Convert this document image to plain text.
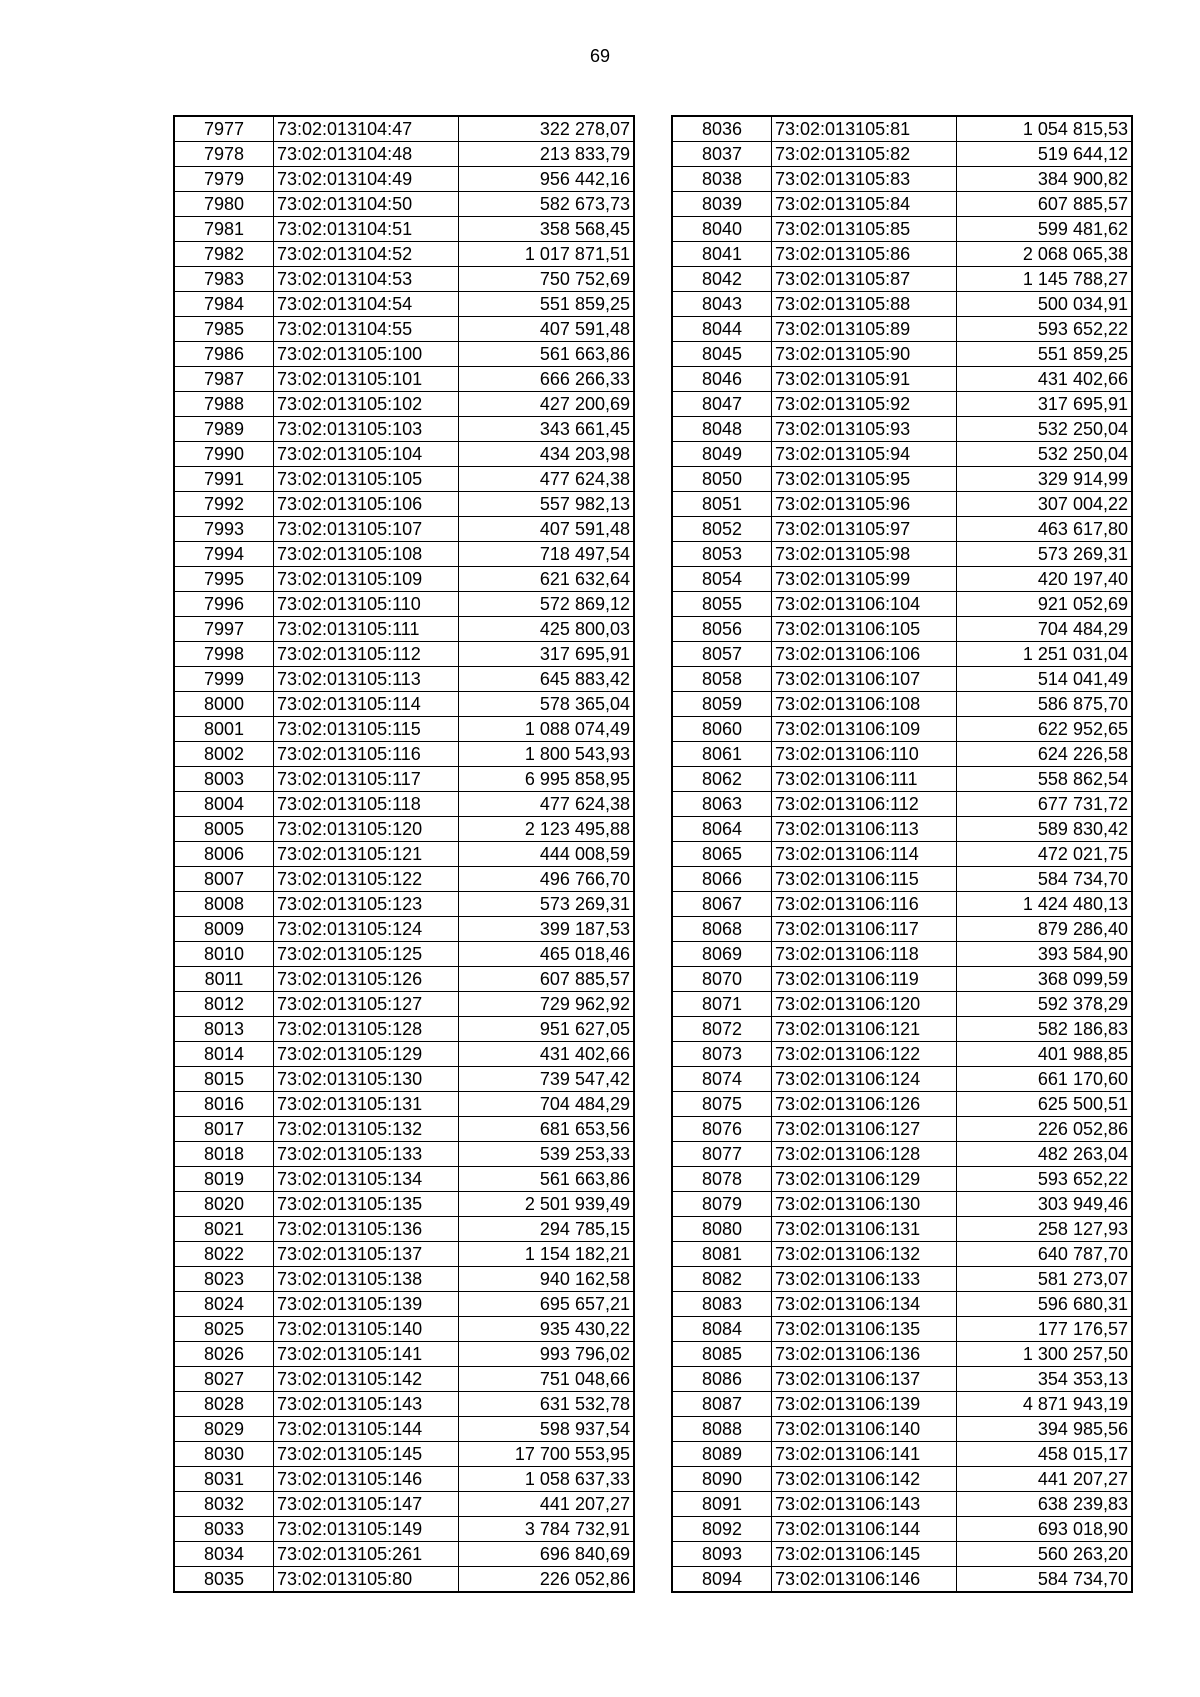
69
7977	73:02:013104:47	322 278,07
7978	73:02:013104:48	213 833,79
7979	73:02:013104:49	956 442,16
7980	73:02:013104:50	582 673,73
7981	73:02:013104:51	358 568,45
7982	73:02:013104:52	1 017 871,51
7983	73:02:013104:53	750 752,69
7984	73:02:013104:54	551 859,25
7985	73:02:013104:55	407 591,48
7986	73:02:013105:100	561 663,86
7987	73:02:013105:101	666 266,33
7988	73:02:013105:102	427 200,69
7989	73:02:013105:103	343 661,45
7990	73:02:013105:104	434 203,98
7991	73:02:013105:105	477 624,38
7992	73:02:013105:106	557 982,13
7993	73:02:013105:107	407 591,48
7994	73:02:013105:108	718 497,54
7995	73:02:013105:109	621 632,64
7996	73:02:013105:110	572 869,12
7997	73:02:013105:111	425 800,03
7998	73:02:013105:112	317 695,91
7999	73:02:013105:113	645 883,42
8000	73:02:013105:114	578 365,04
8001	73:02:013105:115	1 088 074,49
8002	73:02:013105:116	1 800 543,93
8003	73:02:013105:117	6 995 858,95
8004	73:02:013105:118	477 624,38
8005	73:02:013105:120	2 123 495,88
8006	73:02:013105:121	444 008,59
8007	73:02:013105:122	496 766,70
8008	73:02:013105:123	573 269,31
8009	73:02:013105:124	399 187,53
8010	73:02:013105:125	465 018,46
8011	73:02:013105:126	607 885,57
8012	73:02:013105:127	729 962,92
8013	73:02:013105:128	951 627,05
8014	73:02:013105:129	431 402,66
8015	73:02:013105:130	739 547,42
8016	73:02:013105:131	704 484,29
8017	73:02:013105:132	681 653,56
8018	73:02:013105:133	539 253,33
8019	73:02:013105:134	561 663,86
8020	73:02:013105:135	2 501 939,49
8021	73:02:013105:136	294 785,15
8022	73:02:013105:137	1 154 182,21
8023	73:02:013105:138	940 162,58
8024	73:02:013105:139	695 657,21
8025	73:02:013105:140	935 430,22
8026	73:02:013105:141	993 796,02
8027	73:02:013105:142	751 048,66
8028	73:02:013105:143	631 532,78
8029	73:02:013105:144	598 937,54
8030	73:02:013105:145	17 700 553,95
8031	73:02:013105:146	1 058 637,33
8032	73:02:013105:147	441 207,27
8033	73:02:013105:149	3 784 732,91
8034	73:02:013105:261	696 840,69
8035	73:02:013105:80	226 052,86
8036	73:02:013105:81	1 054 815,53
8037	73:02:013105:82	519 644,12
8038	73:02:013105:83	384 900,82
8039	73:02:013105:84	607 885,57
8040	73:02:013105:85	599 481,62
8041	73:02:013105:86	2 068 065,38
8042	73:02:013105:87	1 145 788,27
8043	73:02:013105:88	500 034,91
8044	73:02:013105:89	593 652,22
8045	73:02:013105:90	551 859,25
8046	73:02:013105:91	431 402,66
8047	73:02:013105:92	317 695,91
8048	73:02:013105:93	532 250,04
8049	73:02:013105:94	532 250,04
8050	73:02:013105:95	329 914,99
8051	73:02:013105:96	307 004,22
8052	73:02:013105:97	463 617,80
8053	73:02:013105:98	573 269,31
8054	73:02:013105:99	420 197,40
8055	73:02:013106:104	921 052,69
8056	73:02:013106:105	704 484,29
8057	73:02:013106:106	1 251 031,04
8058	73:02:013106:107	514 041,49
8059	73:02:013106:108	586 875,70
8060	73:02:013106:109	622 952,65
8061	73:02:013106:110	624 226,58
8062	73:02:013106:111	558 862,54
8063	73:02:013106:112	677 731,72
8064	73:02:013106:113	589 830,42
8065	73:02:013106:114	472 021,75
8066	73:02:013106:115	584 734,70
8067	73:02:013106:116	1 424 480,13
8068	73:02:013106:117	879 286,40
8069	73:02:013106:118	393 584,90
8070	73:02:013106:119	368 099,59
8071	73:02:013106:120	592 378,29
8072	73:02:013106:121	582 186,83
8073	73:02:013106:122	401 988,85
8074	73:02:013106:124	661 170,60
8075	73:02:013106:126	625 500,51
8076	73:02:013106:127	226 052,86
8077	73:02:013106:128	482 263,04
8078	73:02:013106:129	593 652,22
8079	73:02:013106:130	303 949,46
8080	73:02:013106:131	258 127,93
8081	73:02:013106:132	640 787,70
8082	73:02:013106:133	581 273,07
8083	73:02:013106:134	596 680,31
8084	73:02:013106:135	177 176,57
8085	73:02:013106:136	1 300 257,50
8086	73:02:013106:137	354 353,13
8087	73:02:013106:139	4 871 943,19
8088	73:02:013106:140	394 985,56
8089	73:02:013106:141	458 015,17
8090	73:02:013106:142	441 207,27
8091	73:02:013106:143	638 239,83
8092	73:02:013106:144	693 018,90
8093	73:02:013106:145	560 263,20
8094	73:02:013106:146	584 734,70
